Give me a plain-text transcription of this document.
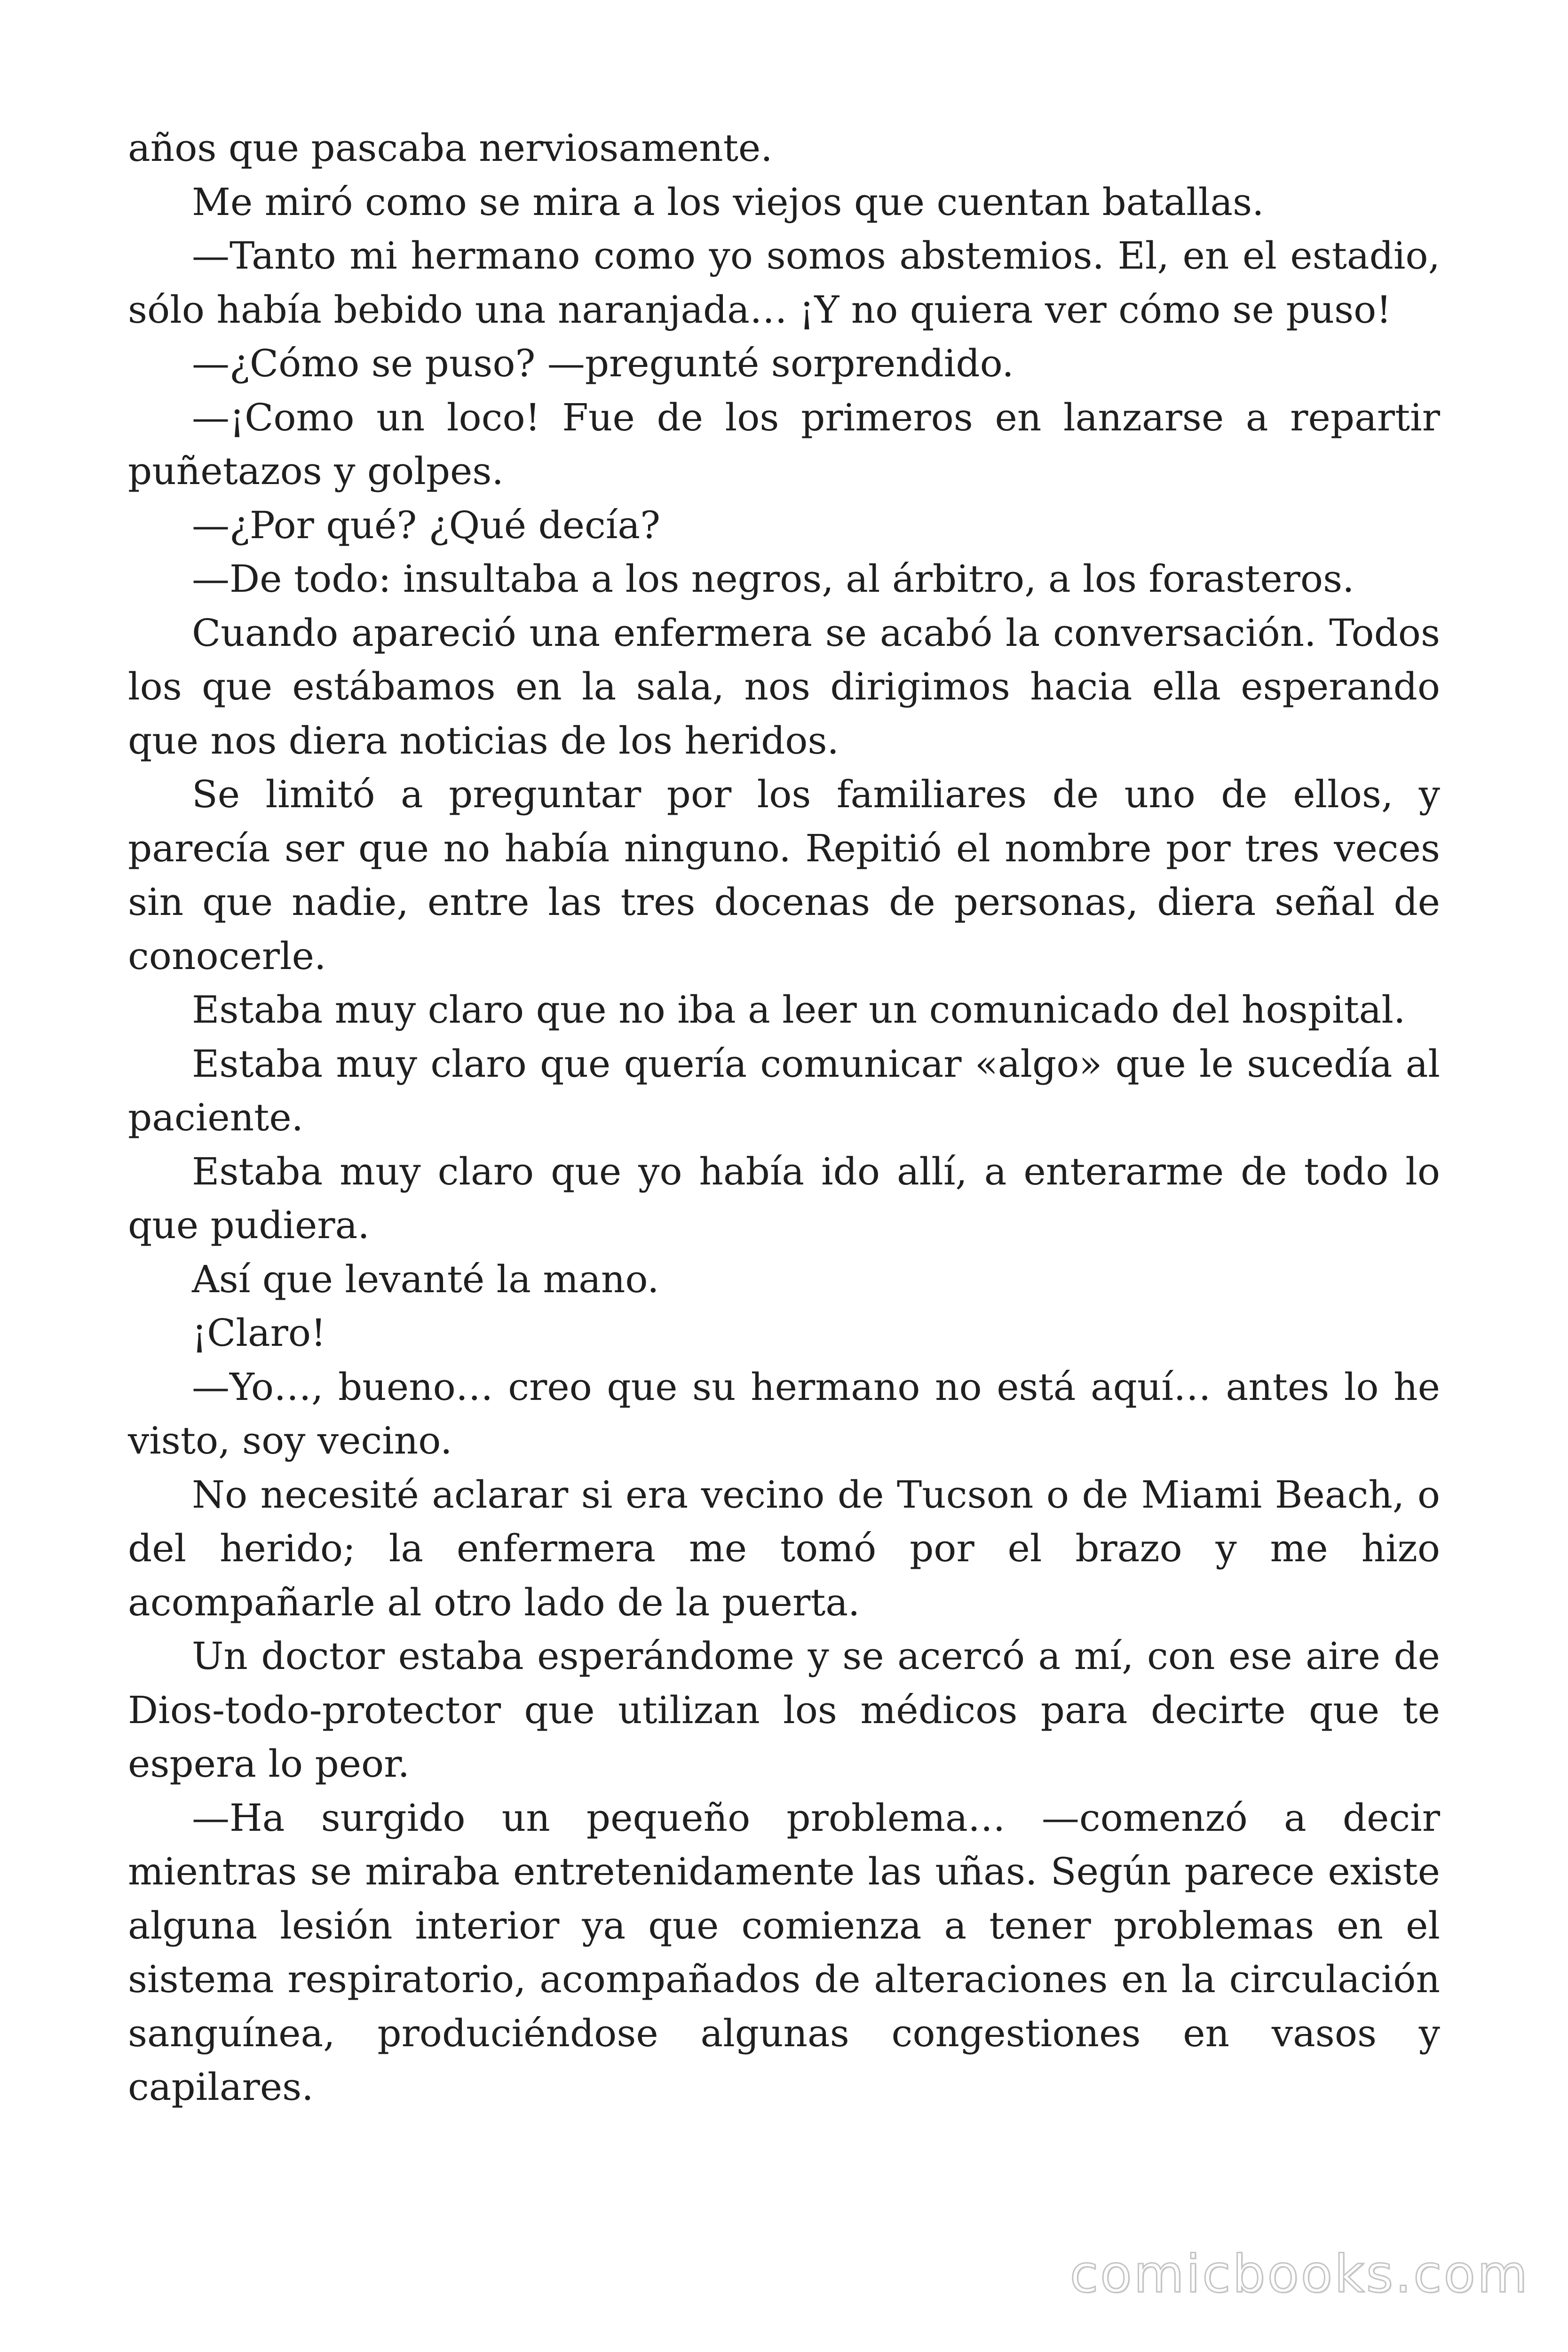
años que pascaba nerviosamente.

Me miró como se mira a los viejos que cuentan batallas.

—Tanto mi hermano como yo somos abstemios. El, en el estadio, sólo había bebido una naranjada… ¡Y no quiera ver cómo se puso!

—¿Cómo se puso? —pregunté sorprendido.

—¡Como un loco! Fue de los primeros en lanzarse a repartir puñetazos y golpes.

—¿Por qué? ¿Qué decía?

—De todo: insultaba a los negros, al árbitro, a los forasteros.

Cuando apareció una enfermera se acabó la conversación. Todos los que estábamos en la sala, nos dirigimos hacia ella esperando que nos diera noticias de los heridos.

Se limitó a preguntar por los familiares de uno de ellos, y parecía ser que no había ninguno. Repitió el nombre por tres veces sin que nadie, entre las tres docenas de personas, diera señal de conocerle.

Estaba muy claro que no iba a leer un comunicado del hospital.

Estaba muy claro que quería comunicar «algo» que le sucedía al paciente.

Estaba muy claro que yo había ido allí, a enterarme de todo lo que pudiera.

Así que levanté la mano.

¡Claro!

—Yo…, bueno… creo que su hermano no está aquí… antes lo he visto, soy vecino.

No necesité aclarar si era vecino de Tucson o de Miami Beach, o del herido; la enfermera me tomó por el brazo y me hizo acompañarle al otro lado de la puerta.

Un doctor estaba esperándome y se acercó a mí, con ese aire de Dios-todo-protector que utilizan los médicos para decirte que te espera lo peor.

—Ha surgido un pequeño problema… —comenzó a decir mientras se miraba entretenidamente las uñas. Según parece existe alguna lesión interior ya que comienza a tener problemas en el sistema respiratorio, acompañados de alteraciones en la circulación sanguínea, produciéndose algunas congestiones en vasos y capilares.

comicbooks.com
